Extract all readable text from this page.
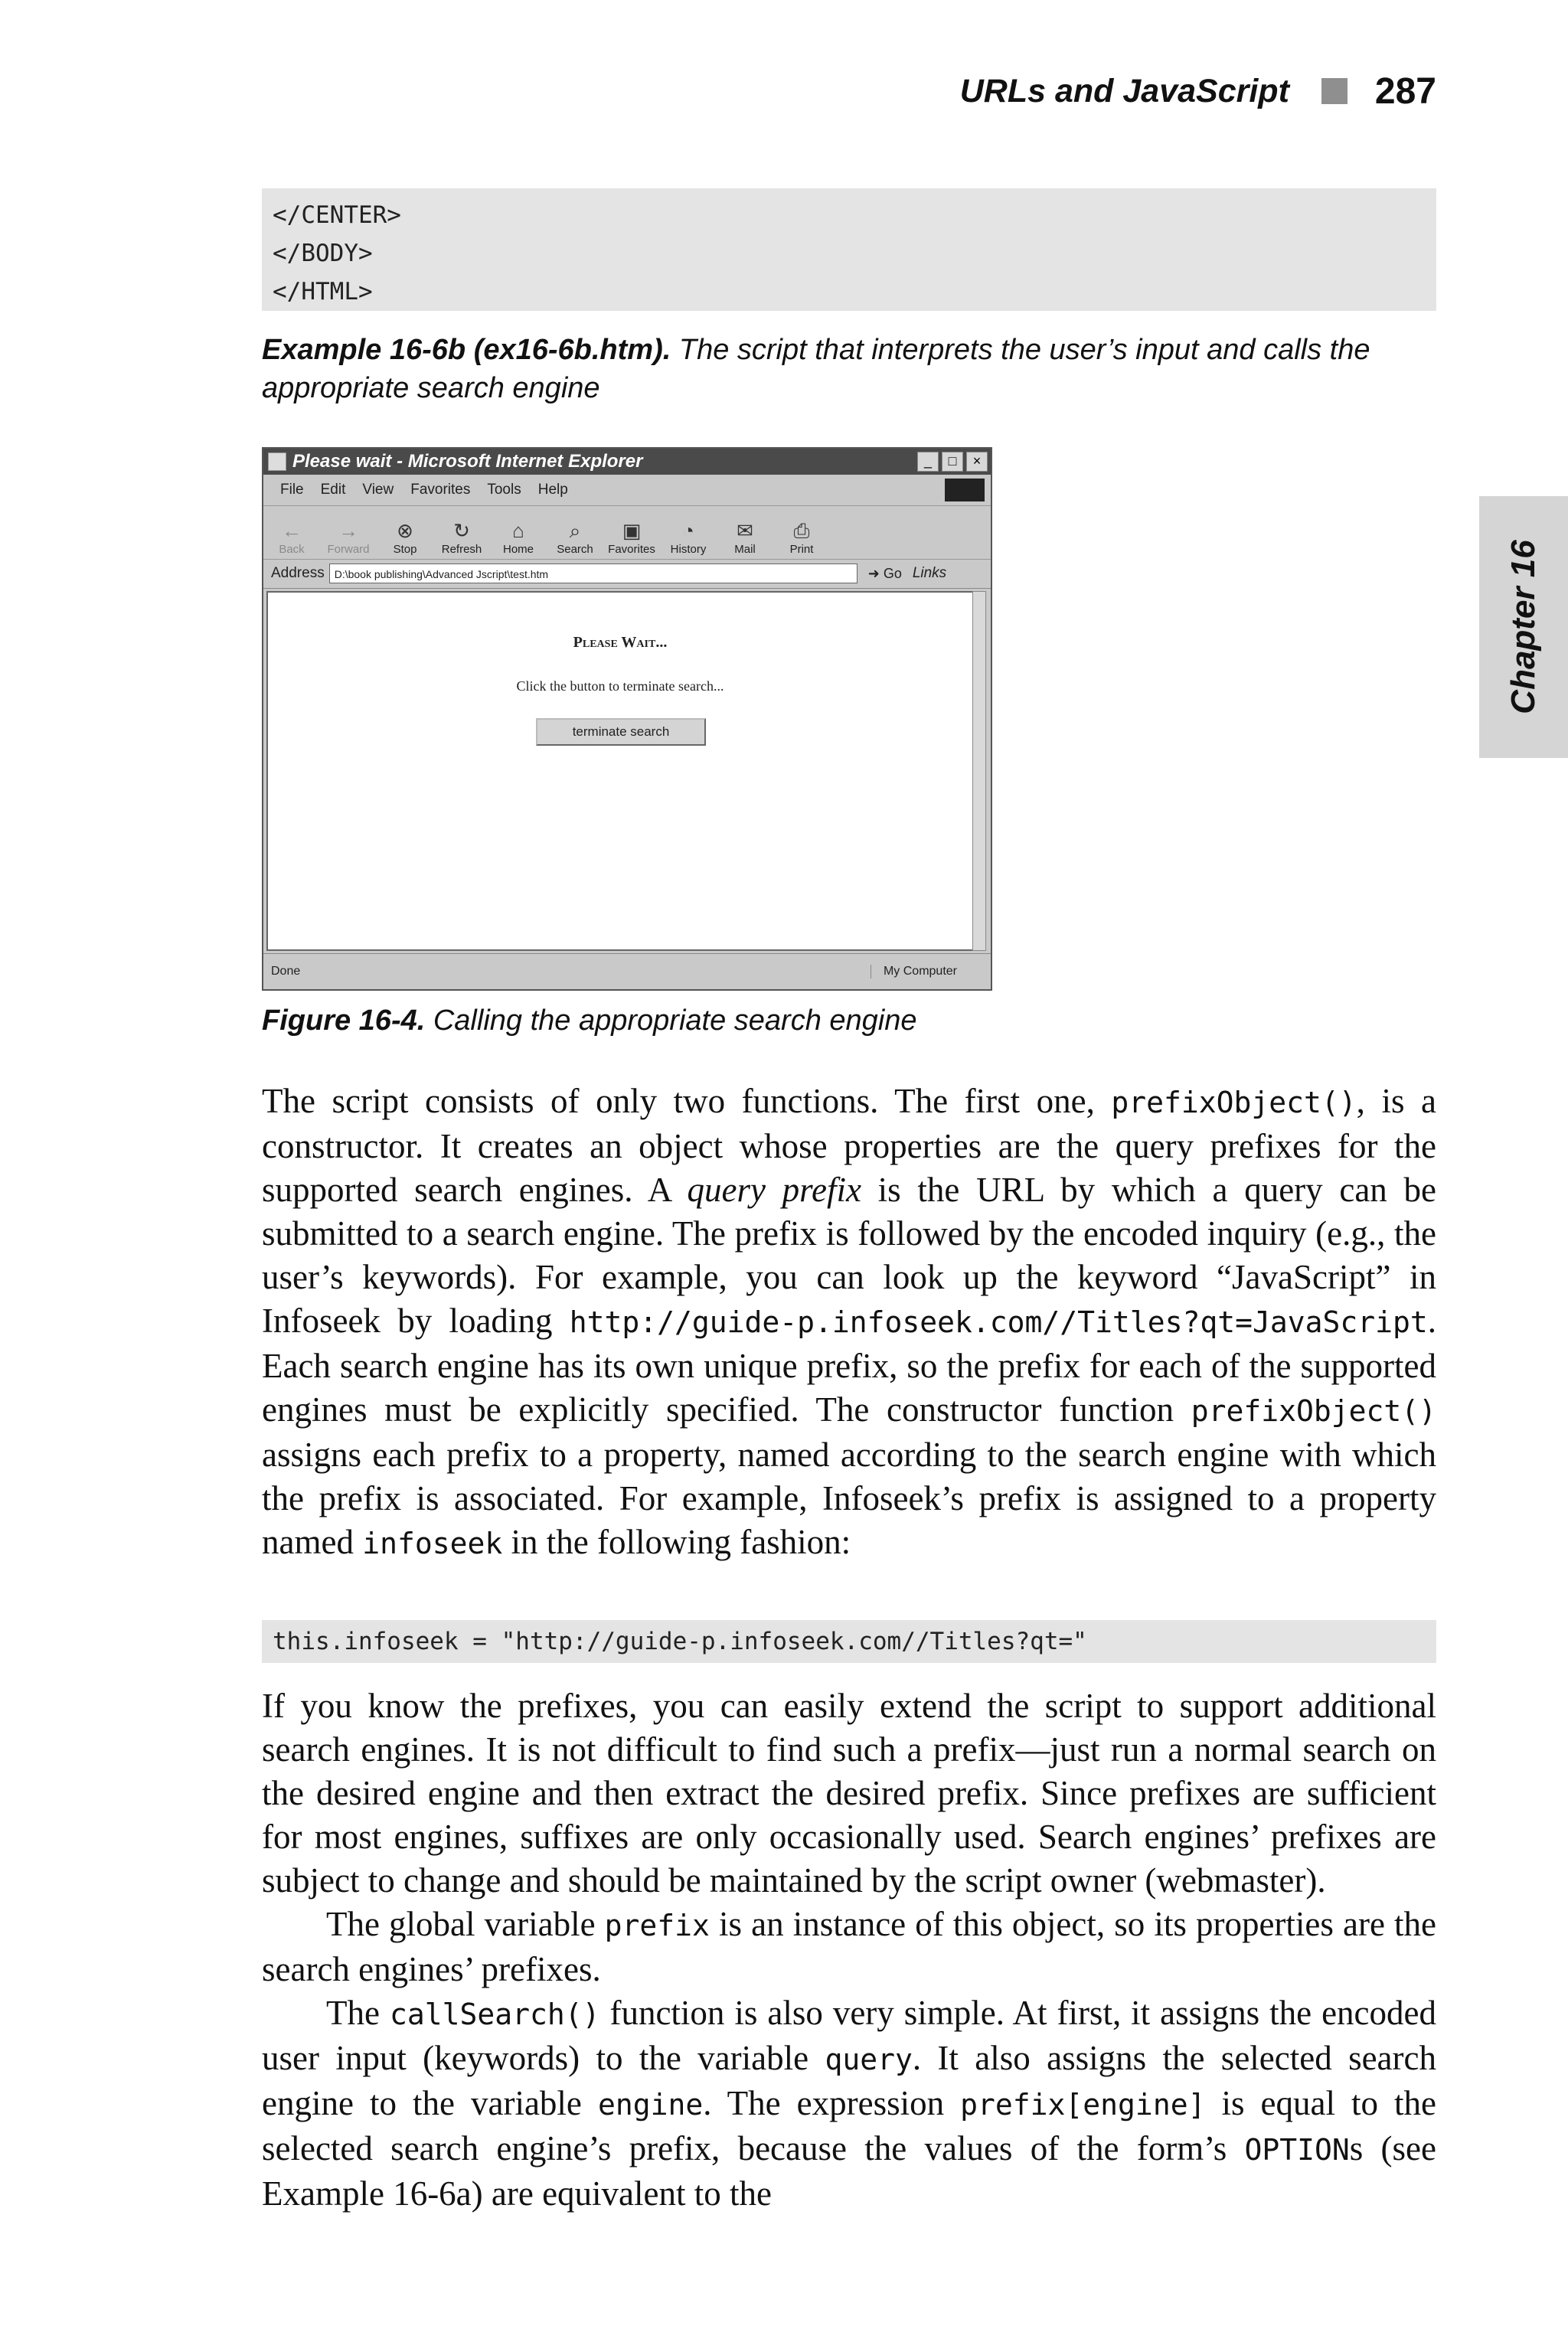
URLs and JavaScript 287
Chapter 16
</CENTER>
</BODY>
</HTML>
Example 16-6b (ex16-6b.htm). The script that interprets the user’s input and calls the appropriate search engine
Please wait - Microsoft Internet Explorer	_	□	×
File Edit View Favorites Tools Help
←
Back
→
Forward
⊗
Stop
↻
Refresh
⌂
Home
⌕
Search
▣
Favorites
◔
History
✉
Mail
⎙
Print
Address D:\book publishing\Advanced Jscript\test.htm	➜ Go Links
Please Wait...
Click the button to terminate search...
terminate search
Done	My Computer
Figure 16-4. Calling the appropriate search engine

The script consists of only two functions. The first one, prefixObject(), is a constructor. It creates an object whose properties are the query prefixes for the supported search engines. A query prefix is the URL by which a query can be submitted to a search engine. The prefix is followed by the encoded inquiry (e.g., the user’s keywords). For example, you can look up the keyword “JavaScript” in Infoseek by loading http://guide-p.infoseek.com//Titles?qt=JavaScript. Each search engine has its own unique prefix, so the prefix for each of the supported engines must be explicitly specified. The constructor function prefixObject() assigns each prefix to a property, named according to the search engine with which the prefix is associated. For example, Infoseek’s prefix is assigned to a property named infoseek in the following fashion:

this.infoseek = "http://guide-p.infoseek.com//Titles?qt="

If you know the prefixes, you can easily extend the script to support additional search engines. It is not difficult to find such a prefix—just run a normal search on the desired engine and then extract the desired prefix. Since prefixes are sufficient for most engines, suffixes are only occasionally used. Search engines’ prefixes are subject to change and should be maintained by the script owner (webmaster).

The global variable prefix is an instance of this object, so its properties are the search engines’ prefixes.

The callSearch() function is also very simple. At first, it assigns the encoded user input (keywords) to the variable query. It also assigns the selected search engine to the variable engine. The expression prefix[engine] is equal to the selected search engine’s prefix, because the values of the form’s OPTIONs (see Example 16-6a) are equivalent to the
